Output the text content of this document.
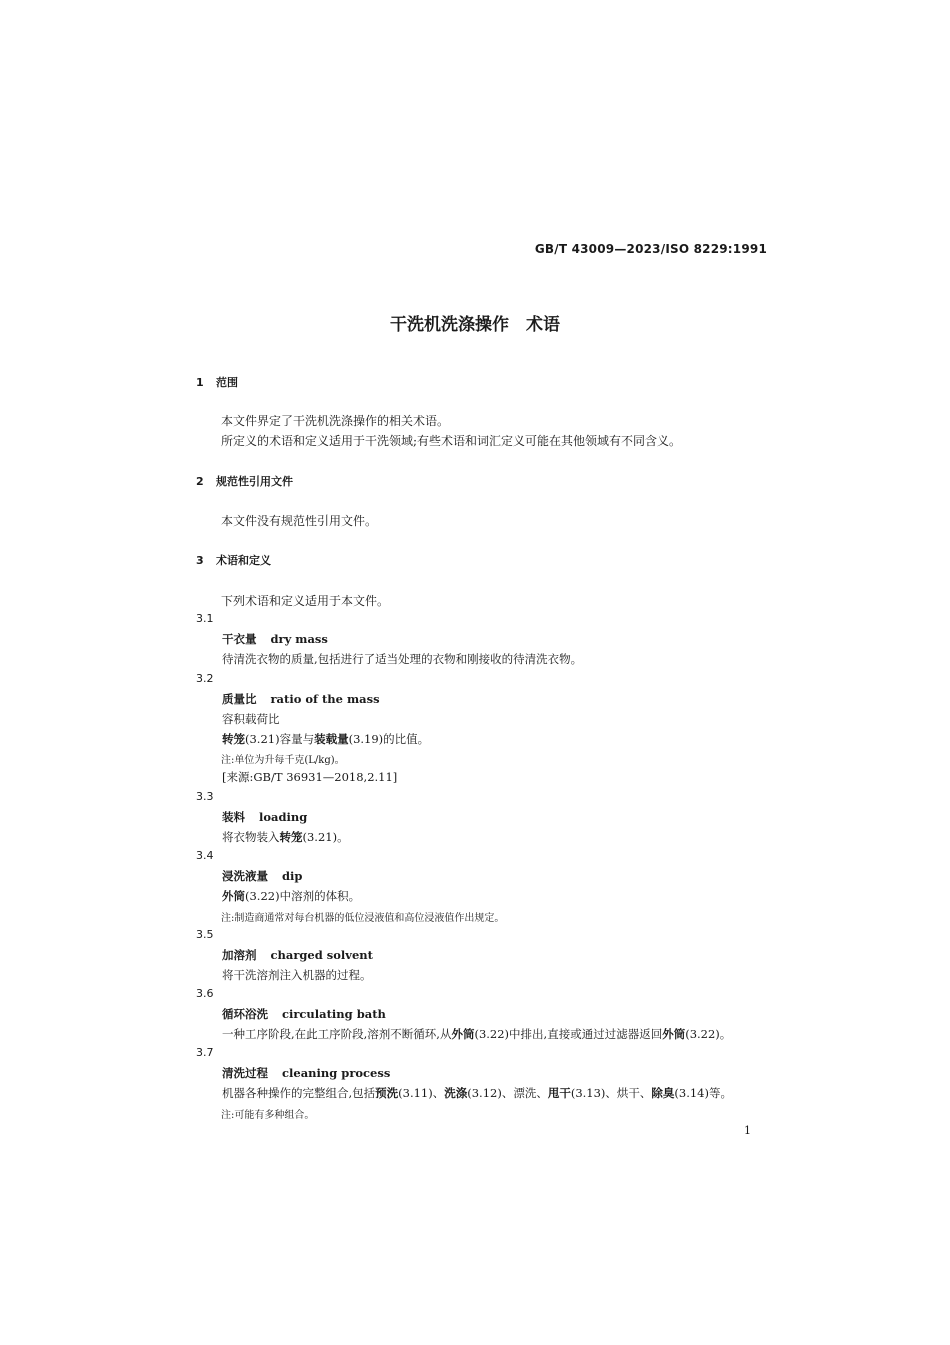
GB/T 43009—2023/ISO 8229:1991
干洗机洗涤操作　术语
1 范围
本文件界定了干洗机洗涤操作的相关术语。
所定义的术语和定义适用于干洗领域;有些术语和词汇定义可能在其他领域有不同含义。
2 规范性引用文件
本文件没有规范性引用文件。
3 术语和定义
下列术语和定义适用于本文件。
3.1
干衣量 dry mass
待清洗衣物的质量,包括进行了适当处理的衣物和刚接收的待清洗衣物。
3.2
质量比 ratio of the mass
容积载荷比
转笼(3.21)容量与装载量(3.19)的比值。
注:单位为升每千克(L/kg)。
[来源:GB/T 36931—2018,2.11]
3.3
装料 loading
将衣物装入转笼(3.21)。
3.4
浸洗液量 dip
外筒(3.22)中溶剂的体积。
注:制造商通常对每台机器的低位浸液值和高位浸液值作出规定。
3.5
加溶剂 charged solvent
将干洗溶剂注入机器的过程。
3.6
循环浴洗 circulating bath
一种工序阶段,在此工序阶段,溶剂不断循环,从外筒(3.22)中排出,直接或通过过滤器返回外筒(3.22)。
3.7
清洗过程 cleaning process
机器各种操作的完整组合,包括预洗(3.11)、洗涤(3.12)、漂洗、甩干(3.13)、烘干、除臭(3.14)等。
注:可能有多种组合。
1
